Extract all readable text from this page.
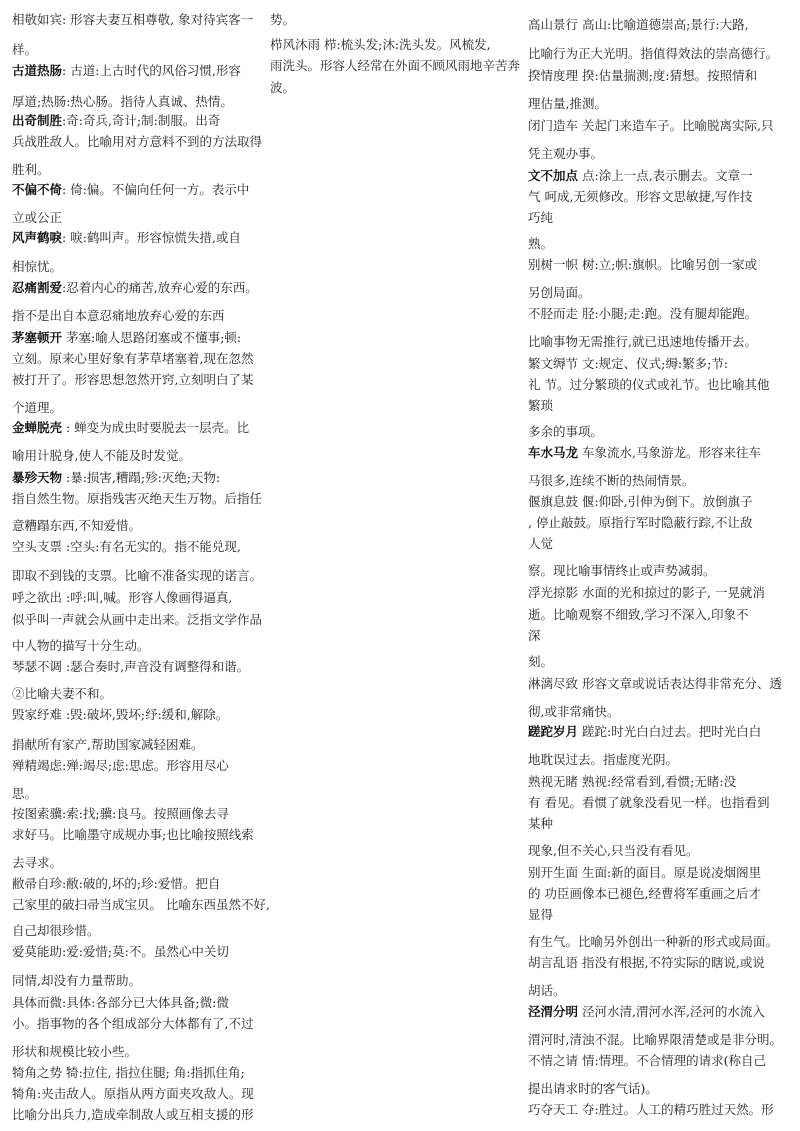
相敬如宾: 形容夫妻互相尊敬, 象对待宾客一
样。
古道热肠: 古道:上古时代的风俗习惯,形容
厚道;热肠:热心肠。指待人真诚、热情。
出奇制胜:奇:奇兵,奇计;制:制服。出奇
兵战胜敌人。比喻用对方意料不到的方法取得
胜利。
不偏不倚: 倚:偏。不偏向任何一方。表示中
立或公正
风声鹤唳: 唳:鹤叫声。形容惊慌失措,或自
相惊忧。
忍痛割爱:忍着内心的痛苦,放弃心爱的东西。
指不是出自本意忍痛地放弃心爱的东西
茅塞顿开 茅塞:喻人思路闭塞或不懂事;顿:
立刻。原来心里好象有茅草堵塞着,现在忽然
被打开了。形容思想忽然开窍,立刻明白了某
个道理。
金蝉脱壳 : 蝉变为成虫时要脱去一层壳。比
喻用计脱身,使人不能及时发觉。
暴殄天物 :暴:损害,糟蹋;殄:灭绝;天物:
指自然生物。原指残害灭绝天生万物。后指任
意糟蹋东西,不知爱惜。
空头支票 :空头:有名无实的。指不能兑现,
即取不到钱的支票。比喻不准备实现的诺言。
呼之欲出 :呼:叫,喊。形容人像画得逼真,
似乎叫一声就会从画中走出来。泛指文学作品
中人物的描写十分生动。
琴瑟不调 :瑟合奏时,声音没有调整得和谐。
②比喻夫妻不和。
毁家纾难 :毁:破坏,毁坏;纾:缓和,解除。
捐献所有家产,帮助国家减轻困难。
殚精竭虑:殚:竭尽;虑:思虑。形容用尽心
思。
按图索骥:索:找;骥:良马。按照画像去寻
求好马。比喻墨守成规办事;也比喻按照线索
去寻求。
敝帚自珍:敝:破的,坏的;珍:爱惜。把自
己家里的破扫帚当成宝贝。 比喻东西虽然不好,
自己却很珍惜。
爱莫能助:爱:爱惜;莫:不。虽然心中关切
同情,却没有力量帮助。
具体而微:具体:各部分已大体具备;微:微
小。指事物的各个组成部分大体都有了,不过
形状和规模比较小些。
犄角之势 犄:拉住, 指拉住腿; 角:指抓住角;
犄角:夹击敌人。原指从两方面夹攻敌人。现
比喻分出兵力,造成牵制敌人或互相支援的形
势。
栉风沐雨 栉:梳头发;沐:洗头发。风梳发,
雨洗头。形容人经常在外面不顾风雨地辛苦奔
波。
高山景行 高山:比喻道德崇高;景行:大路,
比喻行为正大光明。指值得效法的崇高德行。
揆情度理 揆:估量揣测;度:猜想。按照情和
理估量,推测。
闭门造车 关起门来造车子。比喻脱离实际,只
凭主观办事。
文不加点 点:涂上一点,表示删去。文章一
气 呵成,无须修改。形容文思敏捷,写作技
巧纯
熟。
别树一帜 树:立;帜:旗帜。比喻另创一家或
另创局面。
不胫而走 胫:小腿;走:跑。没有腿却能跑。
比喻事物无需推行,就已迅速地传播开去。
繁文缛节 文:规定、仪式;缛:繁多;节:
礼 节。过分繁琐的仪式或礼节。也比喻其他
繁琐
多余的事项。
车水马龙 车象流水,马象游龙。形容来往车
马很多,连续不断的热闹情景。
偃旗息鼓 偃:仰卧,引伸为倒下。放倒旗子
, 停止敲鼓。原指行军时隐蔽行踪,不让敌
人觉
察。现比喻事情终止或声势减弱。
浮光掠影 水面的光和掠过的影子, 一晃就消
逝。比喻观察不细致,学习不深入,印象不
深
刻。
淋漓尽致 形容文章或说话表达得非常充分、透
彻,或非常痛快。
蹉跎岁月 蹉跎:时光白白过去。把时光白白
地耽误过去。指虚度光阴。
熟视无睹 熟视:经常看到,看惯;无睹:没
有 看见。看惯了就象没看见一样。也指看到
某种
现象,但不关心,只当没有看见。
别开生面 生面:新的面目。原是说凌烟阁里
的 功臣画像本已褪色,经曹将军重画之后才
显得
有生气。比喻另外创出一种新的形式或局面。
胡言乱语 指没有根据,不符实际的瞎说,或说
胡话。
泾渭分明 泾河水清,渭河水浑,泾河的水流入
渭河时,清浊不混。比喻界限清楚或是非分明。
不情之请 情:情理。不合情理的请求(称自己
提出请求时的客气话)。
巧夺天工 夺:胜过。人工的精巧胜过天然。形
